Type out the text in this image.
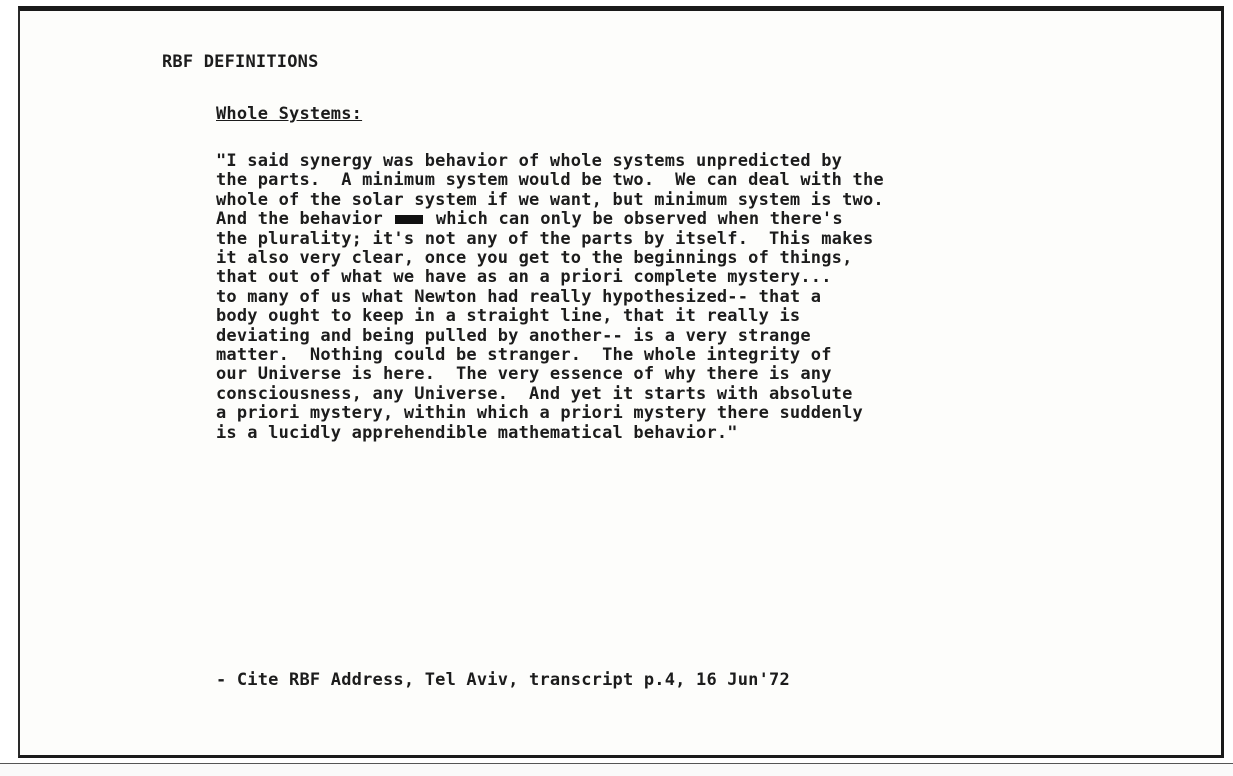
RBF DEFINITIONS
Whole Systems:
"I said synergy was behavior of whole systems unpredicted by
the parts.  A minimum system would be two.  We can deal with the
whole of the solar system if we want, but minimum system is two.
And the behavior	which can only be observed when there's
the plurality; it's not any of the parts by itself.  This makes
it also very clear, once you get to the beginnings of things,
that out of what we have as an a priori complete mystery...
to many of us what Newton had really hypothesized-- that a
body ought to keep in a straight line, that it really is
deviating and being pulled by another-- is a very strange
matter.  Nothing could be stranger.  The whole integrity of
our Universe is here.  The very essence of why there is any
consciousness, any Universe.  And yet it starts with absolute
a priori mystery, within which a priori mystery there suddenly
is a lucidly apprehendible mathematical behavior."
- Cite RBF Address, Tel Aviv, transcript p.4, 16 Jun'72
